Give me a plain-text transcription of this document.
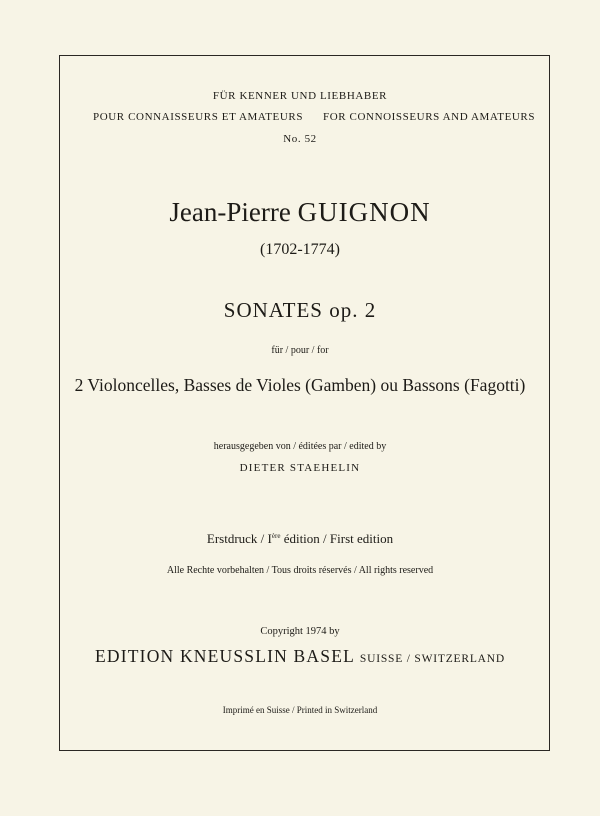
FÜR KENNER UND LIEBHABER
POUR CONNAISSEURS ET AMATEURS FOR CONNOISSEURS AND AMATEURS
No. 52
Jean-Pierre GUIGNON
(1702-1774)
SONATES op. 2
für / pour / for
2 Violoncelles, Basses de Violes (Gamben) ou Bassons (Fagotti)
herausgegeben von / éditées par / edited by
DIETER STAEHELIN
Erstdruck / Ière édition / First edition
Alle Rechte vorbehalten / Tous droits réservés / All rights reserved
Copyright 1974 by
EDITION KNEUSSLIN BASEL SUISSE / SWITZERLAND
Imprimé en Suisse / Printed in Switzerland
